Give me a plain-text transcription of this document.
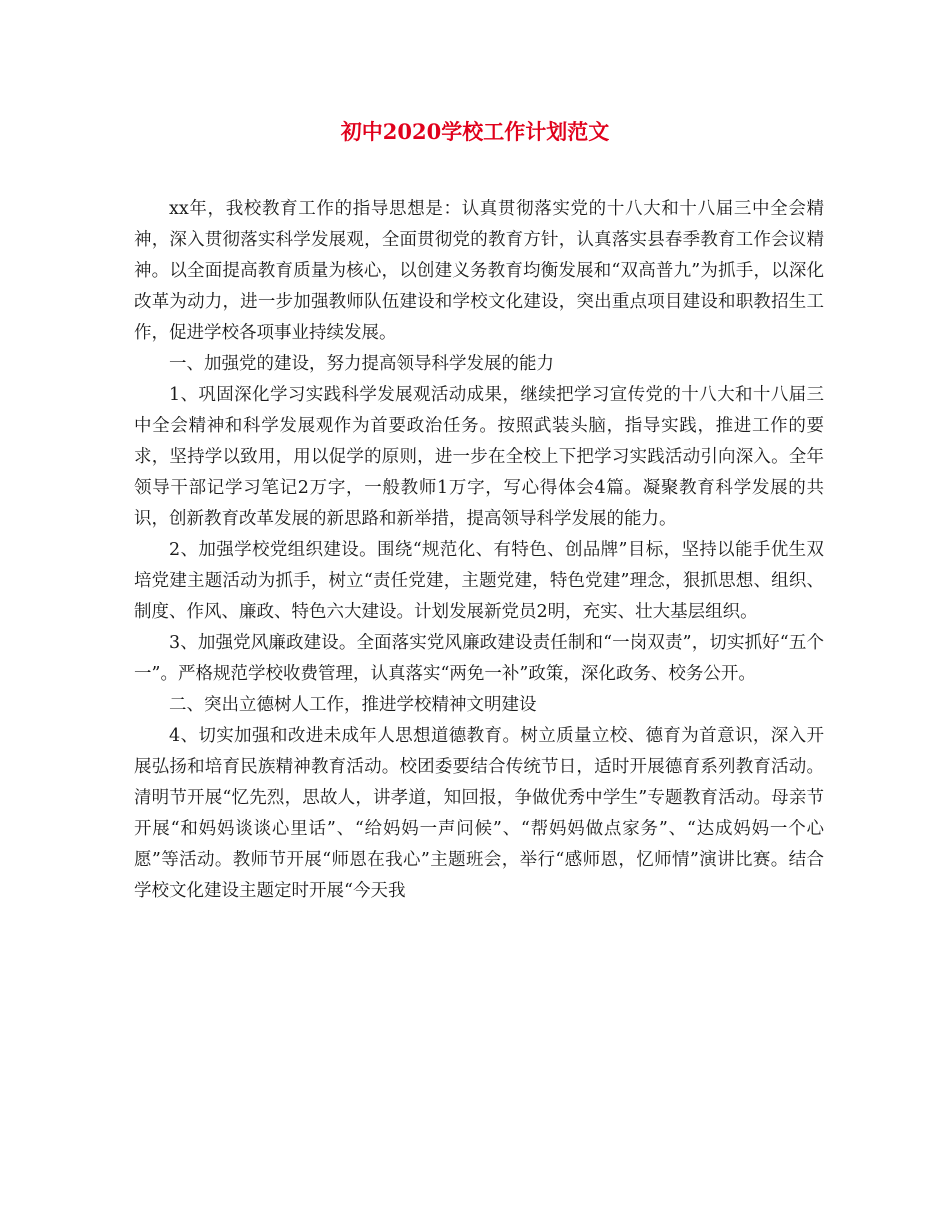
初中2020学校工作计划范文

xx年，我校教育工作的指导思想是：认真贯彻落实党的十八大和十八届三中全会精神，深入贯彻落实科学发展观，全面贯彻党的教育方针，认真落实县春季教育工作会议精神。以全面提高教育质量为核心，以创建义务教育均衡发展和“双高普九”为抓手，以深化改革为动力，进一步加强教师队伍建设和学校文化建设，突出重点项目建设和职教招生工作，促进学校各项事业持续发展。

一、加强党的建设，努力提高领导科学发展的能力

1、巩固深化学习实践科学发展观活动成果，继续把学习宣传党的十八大和十八届三中全会精神和科学发展观作为首要政治任务。按照武装头脑，指导实践，推进工作的要求，坚持学以致用，用以促学的原则，进一步在全校上下把学习实践活动引向深入。全年领导干部记学习笔记2万字，一般教师1万字，写心得体会4篇。凝聚教育科学发展的共识，创新教育改革发展的新思路和新举措，提高领导科学发展的能力。

2、加强学校党组织建设。围绕“规范化、有特色、创品牌”目标，坚持以能手优生双培党建主题活动为抓手，树立“责任党建，主题党建，特色党建”理念，狠抓思想、组织、制度、作风、廉政、特色六大建设。计划发展新党员2明，充实、壮大基层组织。

3、加强党风廉政建设。全面落实党风廉政建设责任制和“一岗双责”，切实抓好“五个一”。严格规范学校收费管理，认真落实“两免一补”政策，深化政务、校务公开。

二、突出立德树人工作，推进学校精神文明建设

4、切实加强和改进未成年人思想道德教育。树立质量立校、德育为首意识，深入开展弘扬和培育民族精神教育活动。校团委要结合传统节日，适时开展德育系列教育活动。清明节开展“忆先烈，思故人，讲孝道，知回报，争做优秀中学生”专题教育活动。母亲节开展“和妈妈谈谈心里话”、“给妈妈一声问候”、“帮妈妈做点家务”、“达成妈妈一个心愿”等活动。教师节开展“师恩在我心”主题班会，举行“感师恩，忆师情”演讲比赛。结合学校文化建设主题定时开展“今天我
